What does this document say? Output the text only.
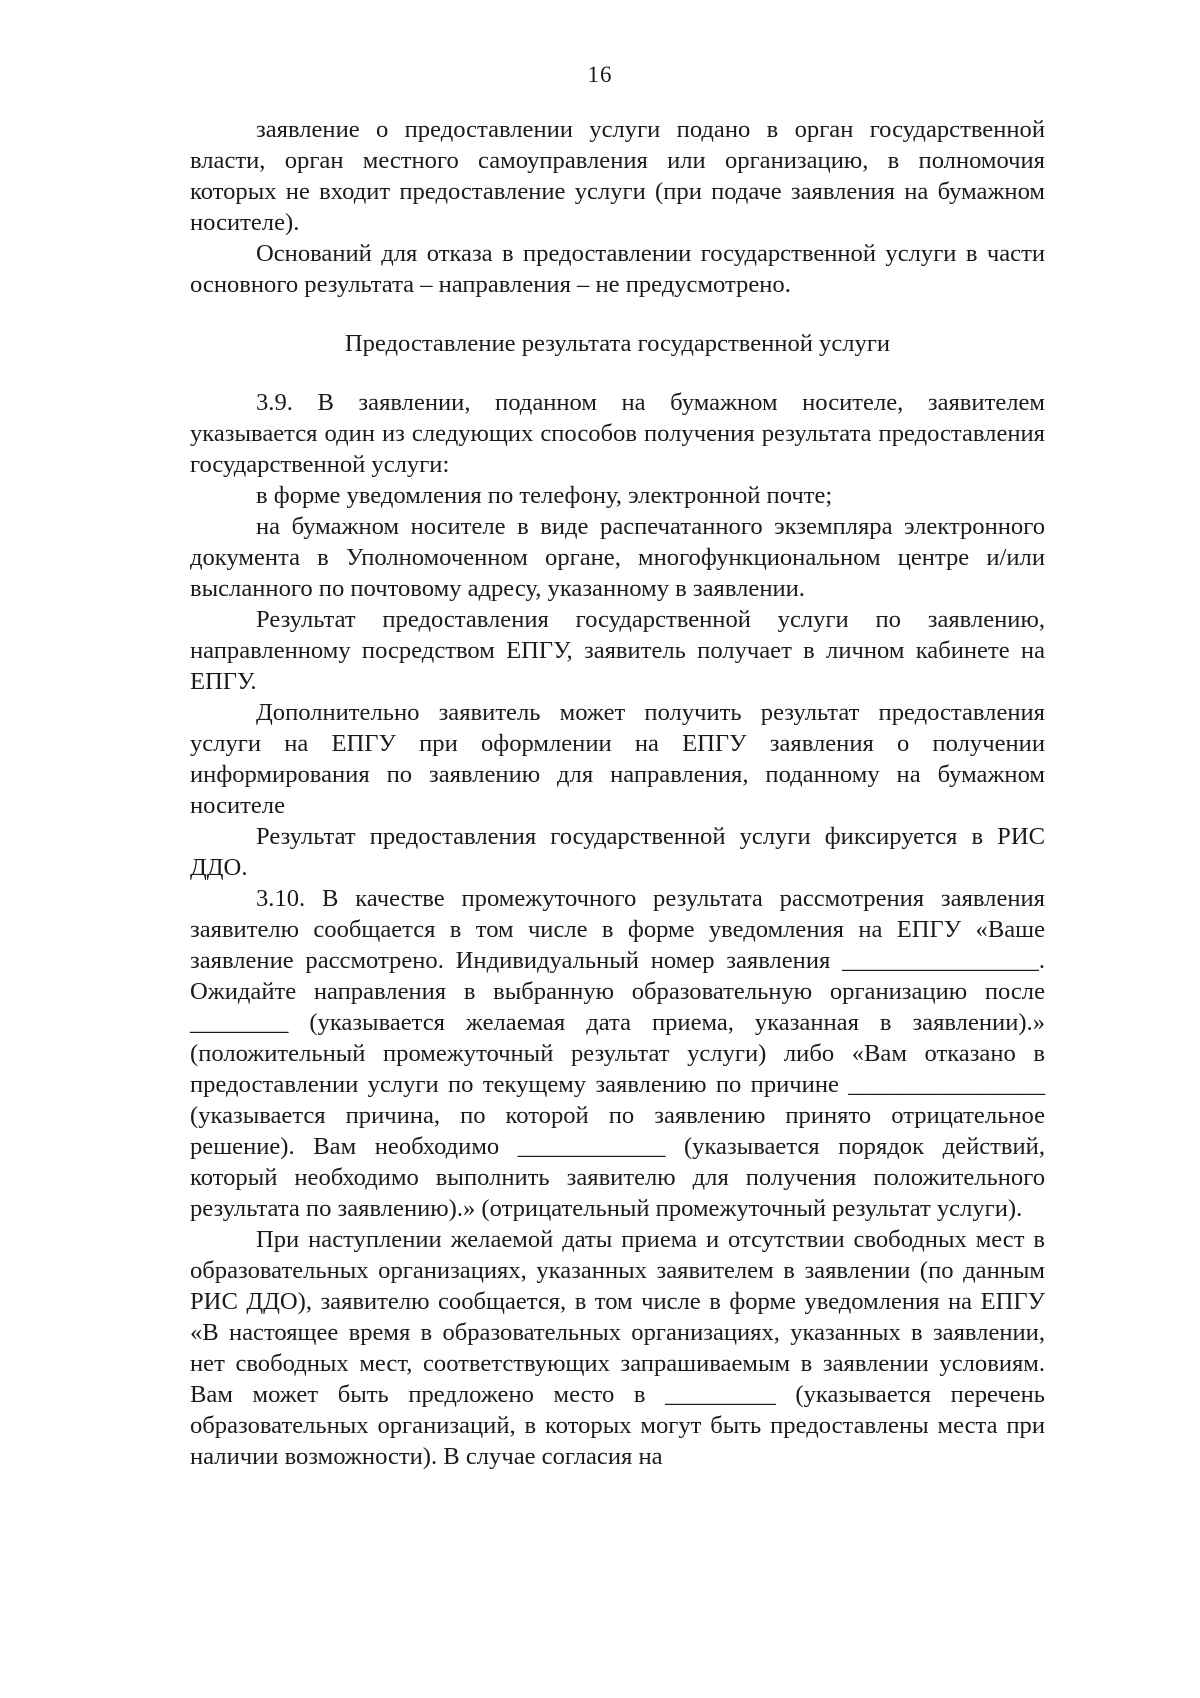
16

заявление о предоставлении услуги подано в орган государственной власти, орган местного самоуправления или организацию, в полномочия которых не входит предоставление услуги (при подаче заявления на бумажном носителе).

Оснований для отказа в предоставлении государственной услуги в части основного результата – направления – не предусмотрено.

Предоставление результата государственной услуги

3.9. В заявлении, поданном на бумажном носителе, заявителем указывается один из следующих способов получения результата предоставления государственной услуги:

в форме уведомления по телефону, электронной почте;

на бумажном носителе в виде распечатанного экземпляра электронного документа в Уполномоченном органе, многофункциональном центре и/или высланного по почтовому адресу, указанному в заявлении.

Результат предоставления государственной услуги по заявлению, направленному посредством ЕПГУ, заявитель получает в личном кабинете на ЕПГУ.

Дополнительно заявитель может получить результат предоставления услуги на ЕПГУ при оформлении на ЕПГУ заявления о получении информирования по заявлению для направления, поданному на бумажном носителе

Результат предоставления государственной услуги фиксируется в РИС ДДО.

3.10. В качестве промежуточного результата рассмотрения заявления заявителю сообщается в том числе в форме уведомления на ЕПГУ «Ваше заявление рассмотрено. Индивидуальный номер заявления ________________. Ожидайте направления в выбранную образовательную организацию после ________ (указывается желаемая дата приема, указанная в заявлении).» (положительный промежуточный результат услуги) либо «Вам отказано в предоставлении услуги по текущему заявлению по причине ________________ (указывается причина, по которой по заявлению принято отрицательное решение). Вам необходимо ____________ (указывается порядок действий, который необходимо выполнить заявителю для получения положительного результата по заявлению).» (отрицательный промежуточный результат услуги).

При наступлении желаемой даты приема и отсутствии свободных мест в образовательных организациях, указанных заявителем в заявлении (по данным РИС ДДО), заявителю сообщается, в том числе в форме уведомления на ЕПГУ «В настоящее время в образовательных организациях, указанных в заявлении, нет свободных мест, соответствующих запрашиваемым в заявлении условиям. Вам может быть предложено место в _________ (указывается перечень образовательных организаций, в которых могут быть предоставлены места при наличии возможности). В случае согласия на
